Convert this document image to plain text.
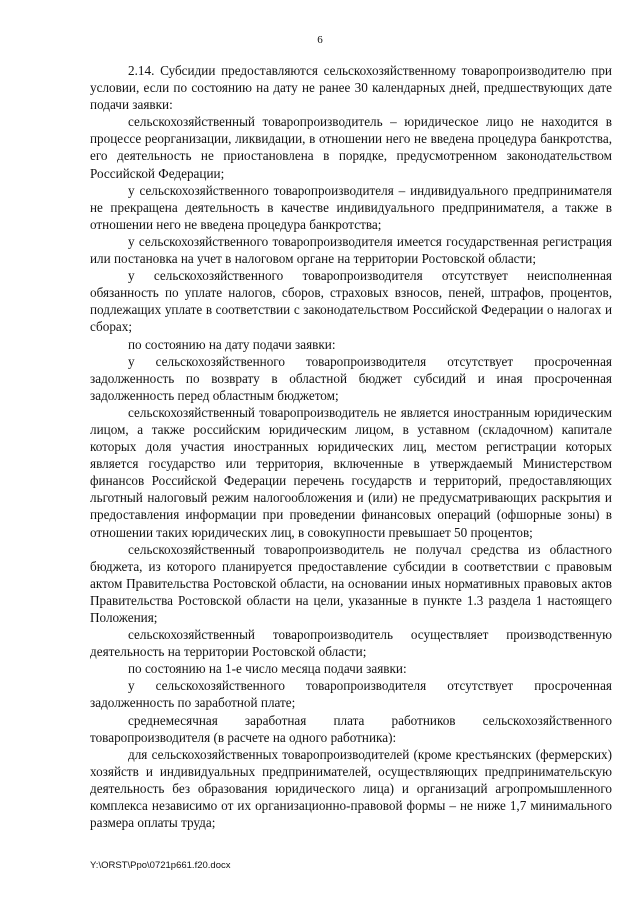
6

2.14. Субсидии предоставляются сельскохозяйственному товаропроизводителю при условии, если по состоянию на дату не ранее 30 календарных дней, предшествующих дате подачи заявки:

сельскохозяйственный товаропроизводитель – юридическое лицо не находится в процессе реорганизации, ликвидации, в отношении него не введена процедура банкротства, его деятельность не приостановлена в порядке, предусмотренном законодательством Российской Федерации;

у сельскохозяйственного товаропроизводителя – индивидуального предпринимателя не прекращена деятельность в качестве индивидуального предпринимателя, а также в отношении него не введена процедура банкротства;

у сельскохозяйственного товаропроизводителя имеется государственная регистрация или постановка на учет в налоговом органе на территории Ростовской области;

у сельскохозяйственного товаропроизводителя отсутствует неисполненная обязанность по уплате налогов, сборов, страховых взносов, пеней, штрафов, процентов, подлежащих уплате в соответствии с законодательством Российской Федерации о налогах и сборах;

по состоянию на дату подачи заявки:

у сельскохозяйственного товаропроизводителя отсутствует просроченная задолженность по возврату в областной бюджет субсидий и иная просроченная задолженность перед областным бюджетом;

сельскохозяйственный товаропроизводитель не является иностранным юридическим лицом, а также российским юридическим лицом, в уставном (складочном) капитале которых доля участия иностранных юридических лиц, местом регистрации которых является государство или территория, включенные в утверждаемый Министерством финансов Российской Федерации перечень государств и территорий, предоставляющих льготный налоговый режим налогообложения и (или) не предусматривающих раскрытия и предоставления информации при проведении финансовых операций (офшорные зоны) в отношении таких юридических лиц, в совокупности превышает 50 процентов;

сельскохозяйственный товаропроизводитель не получал средства из областного бюджета, из которого планируется предоставление субсидии в соответствии с правовым актом Правительства Ростовской области, на основании иных нормативных правовых актов Правительства Ростовской области на цели, указанные в пункте 1.3 раздела 1 настоящего Положения;

сельскохозяйственный товаропроизводитель осуществляет производственную деятельность на территории Ростовской области;

по состоянию на 1-е число месяца подачи заявки:

у сельскохозяйственного товаропроизводителя отсутствует просроченная задолженность по заработной плате;

среднемесячная заработная плата работников сельскохозяйственного товаропроизводителя (в расчете на одного работника):

для сельскохозяйственных товаропроизводителей (кроме крестьянских (фермерских) хозяйств и индивидуальных предпринимателей, осуществляющих предпринимательскую деятельность без образования юридического лица) и организаций агропромышленного комплекса независимо от их организационно-правовой формы – не ниже 1,7 минимального размера оплаты труда;

Y:\ORST\Ppo\0721p661.f20.docx
